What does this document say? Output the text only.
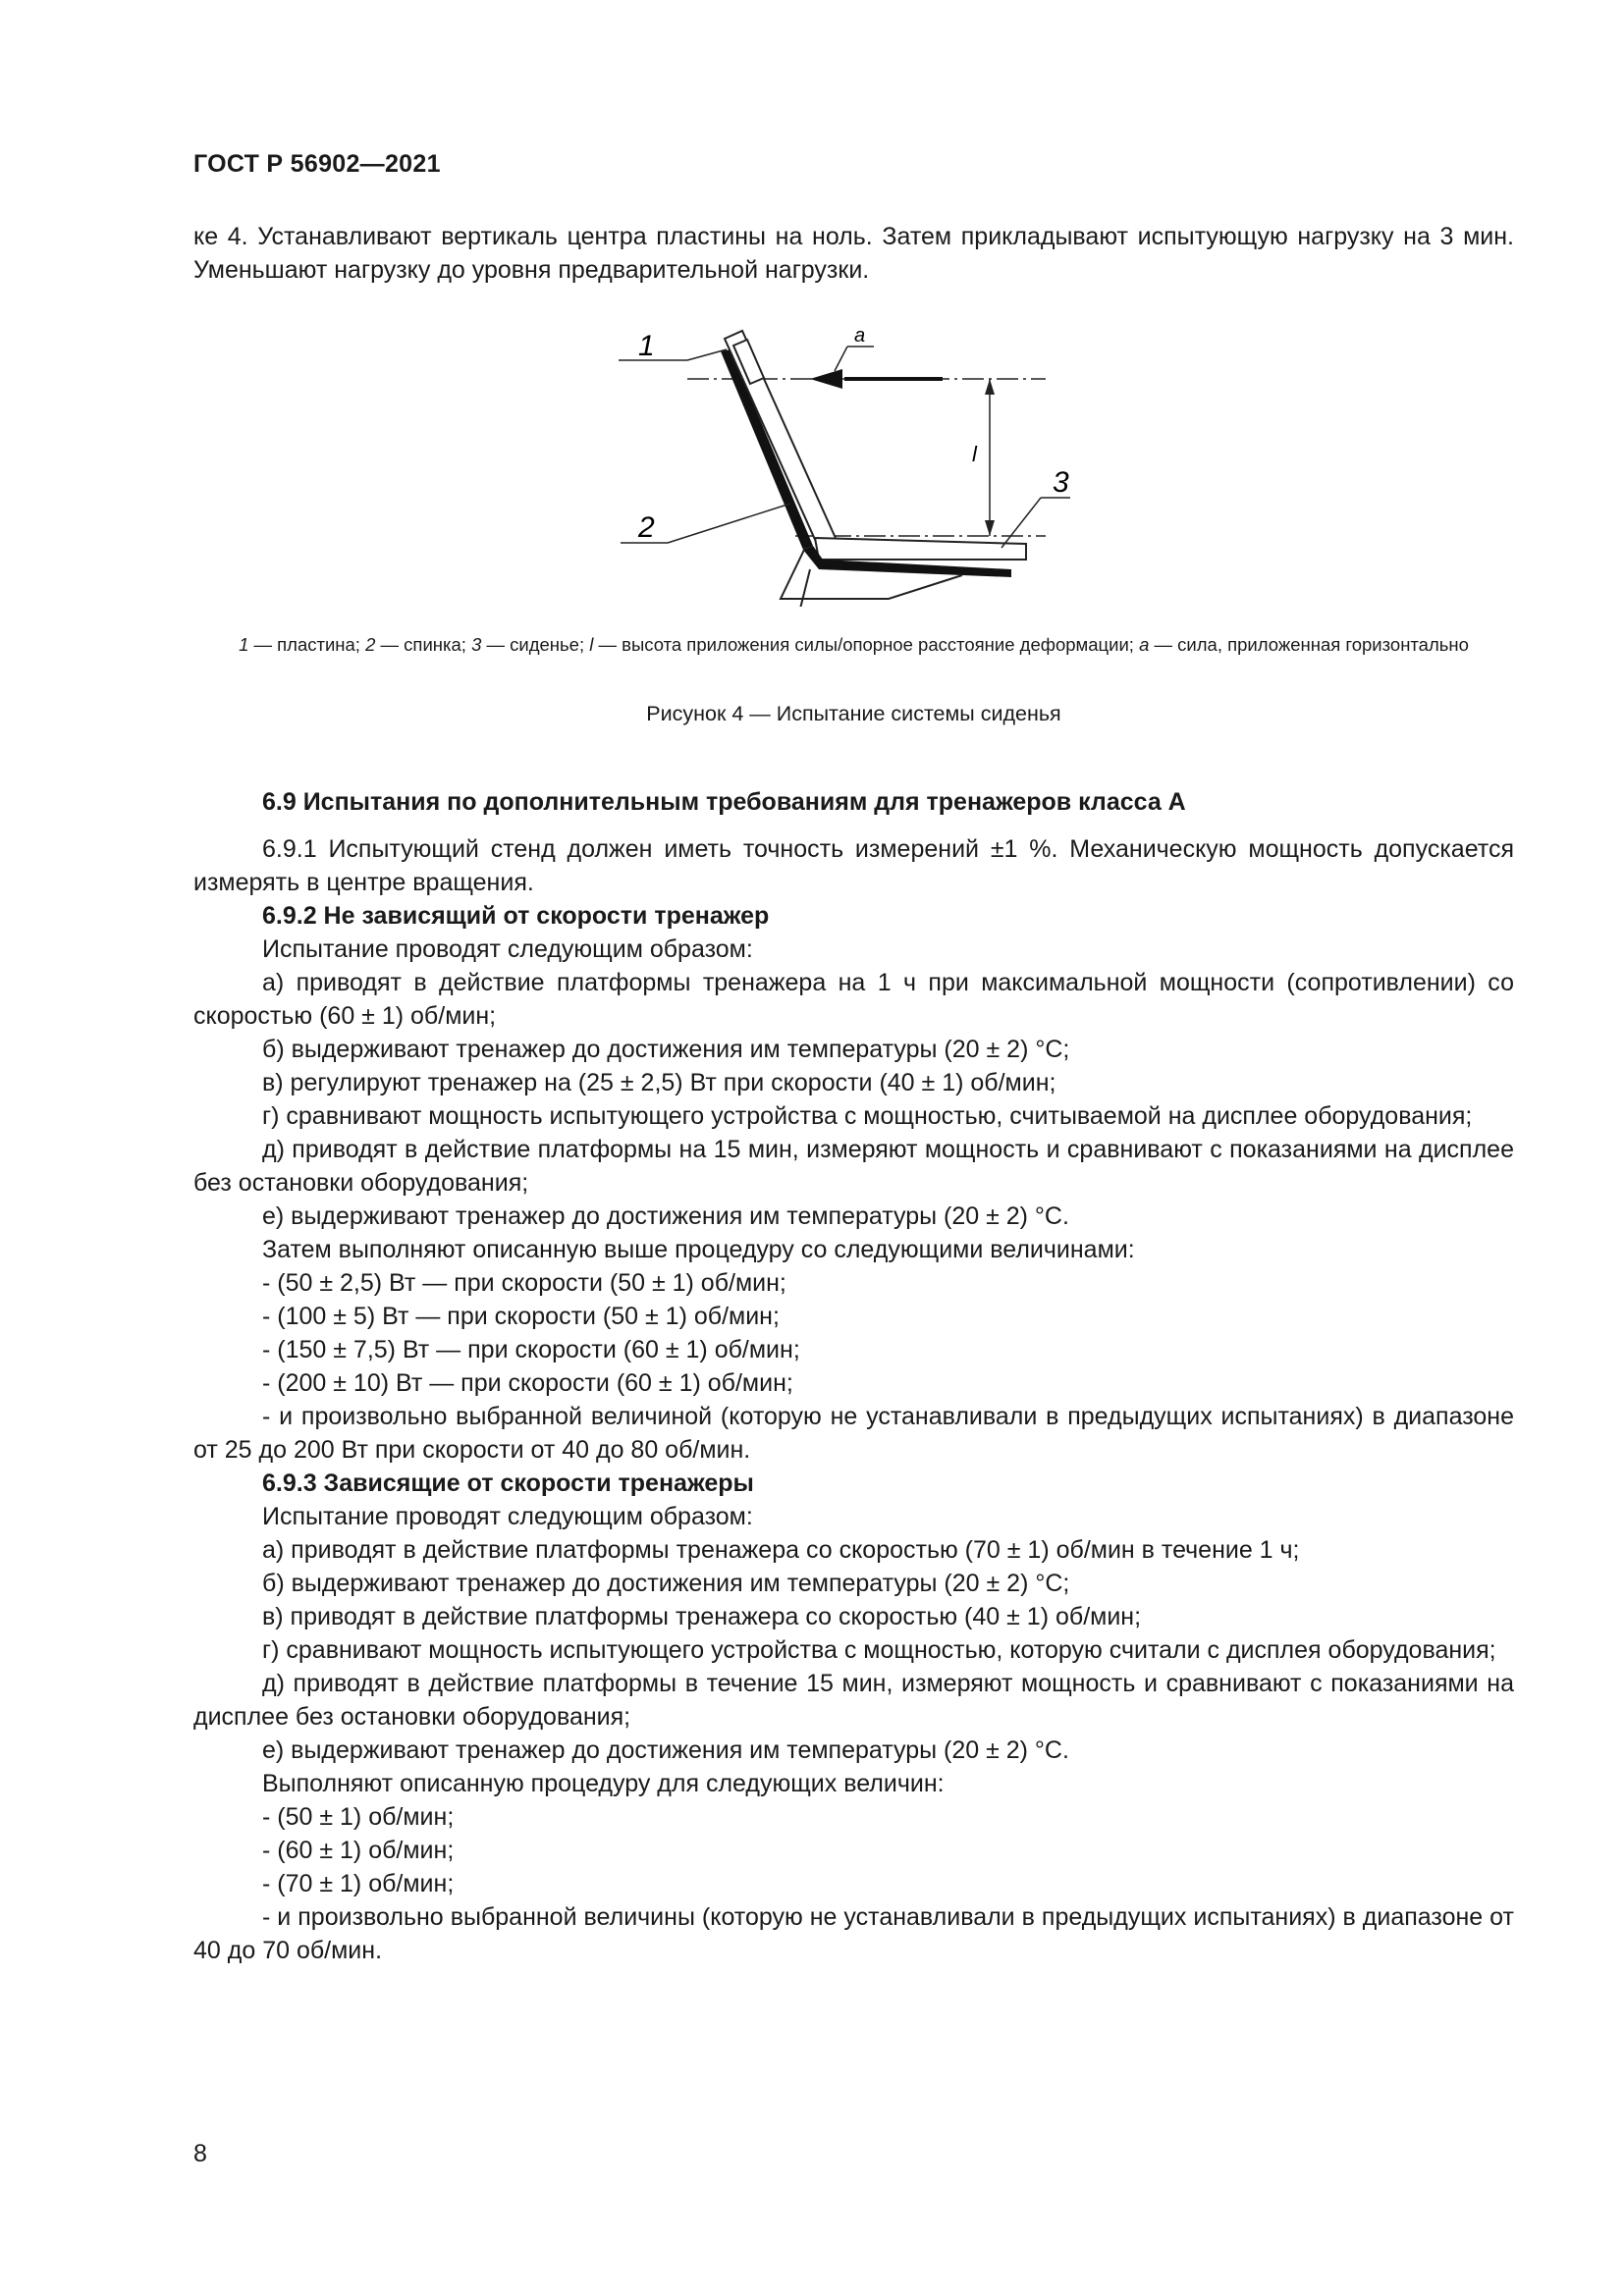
ГОСТ Р 56902—2021
ке 4. Устанавливают вертикаль центра пластины на ноль. Затем прикладывают испытующую нагрузку на 3 мин. Уменьшают нагрузку до уровня предварительной нагрузки.
1
2
3
a
l
1 — пластина; 2 — спинка; 3 — сиденье; l — высота приложения силы/опорное расстояние деформации; a — сила, приложенная горизонтально
Рисунок 4 — Испытание системы сиденья

6.9 Испытания по дополнительным требованиям для тренажеров класса А

6.9.1 Испытующий стенд должен иметь точность измерений ±1 %. Механическую мощность допускается измерять в центре вращения.

6.9.2 Не зависящий от скорости тренажер

Испытание проводят следующим образом:

а) приводят в действие платформы тренажера на 1 ч при максимальной мощности (сопротивлении) со скоростью (60 ± 1) об/мин;

б) выдерживают тренажер до достижения им температуры (20 ± 2) °С;

в) регулируют тренажер на (25 ± 2,5) Вт при скорости (40 ± 1) об/мин;

г) сравнивают мощность испытующего устройства с мощностью, считываемой на дисплее оборудования;

д) приводят в действие платформы на 15 мин, измеряют мощность и сравнивают с показаниями на дисплее без остановки оборудования;

е) выдерживают тренажер до достижения им температуры (20 ± 2) °С.

Затем выполняют описанную выше процедуру со следующими величинами:

- (50 ± 2,5) Вт — при скорости (50 ± 1) об/мин;

- (100 ± 5) Вт — при скорости (50 ± 1) об/мин;

- (150 ± 7,5) Вт — при скорости (60 ± 1) об/мин;

- (200 ± 10) Вт — при скорости (60 ± 1) об/мин;

- и произвольно выбранной величиной (которую не устанавливали в предыдущих испытаниях) в диапазоне от 25 до 200 Вт при скорости от 40 до 80 об/мин.

6.9.3 Зависящие от скорости тренажеры

Испытание проводят следующим образом:

а) приводят в действие платформы тренажера со скоростью (70 ± 1) об/мин в течение 1 ч;

б) выдерживают тренажер до достижения им температуры (20 ± 2) °С;

в) приводят в действие платформы тренажера со скоростью (40 ± 1) об/мин;

г) сравнивают мощность испытующего устройства с мощностью, которую считали с дисплея оборудования;

д) приводят в действие платформы в течение 15 мин, измеряют мощность и сравнивают с показаниями на дисплее без остановки оборудования;

е) выдерживают тренажер до достижения им температуры (20 ± 2) °С.

Выполняют описанную процедуру для следующих величин:

- (50 ± 1) об/мин;

- (60 ± 1) об/мин;

- (70 ± 1) об/мин;

- и произвольно выбранной величины (которую не устанавливали в предыдущих испытаниях) в диапазоне от 40 до 70 об/мин.

8
